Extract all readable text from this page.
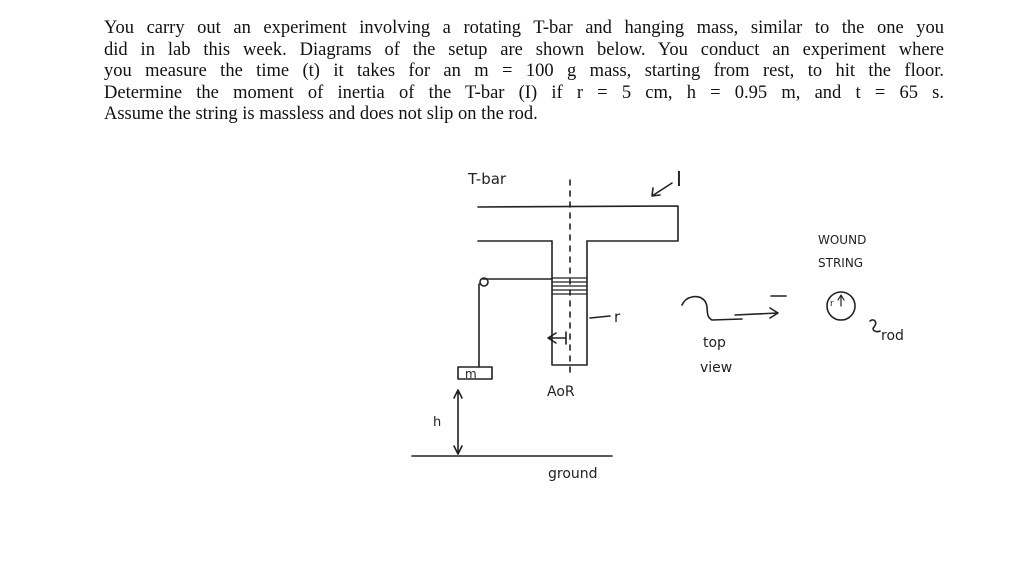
You carry out an experiment involving a rotating T-bar and hanging mass, similar to the one you
did in lab this week. Diagrams of the setup are shown below. You conduct an experiment where
you measure the time (t) it takes for an m = 100 g mass, starting from rest, to hit the floor.
Determine the moment of inertia of the T-bar (I) if r = 5 cm, h = 0.95 m, and t = 65 s.
Assume the string is massless and does not slip on the rod.
T-bar	I
r
m
AoR
h
ground
top
view
WOUND
STRING
rod
r
